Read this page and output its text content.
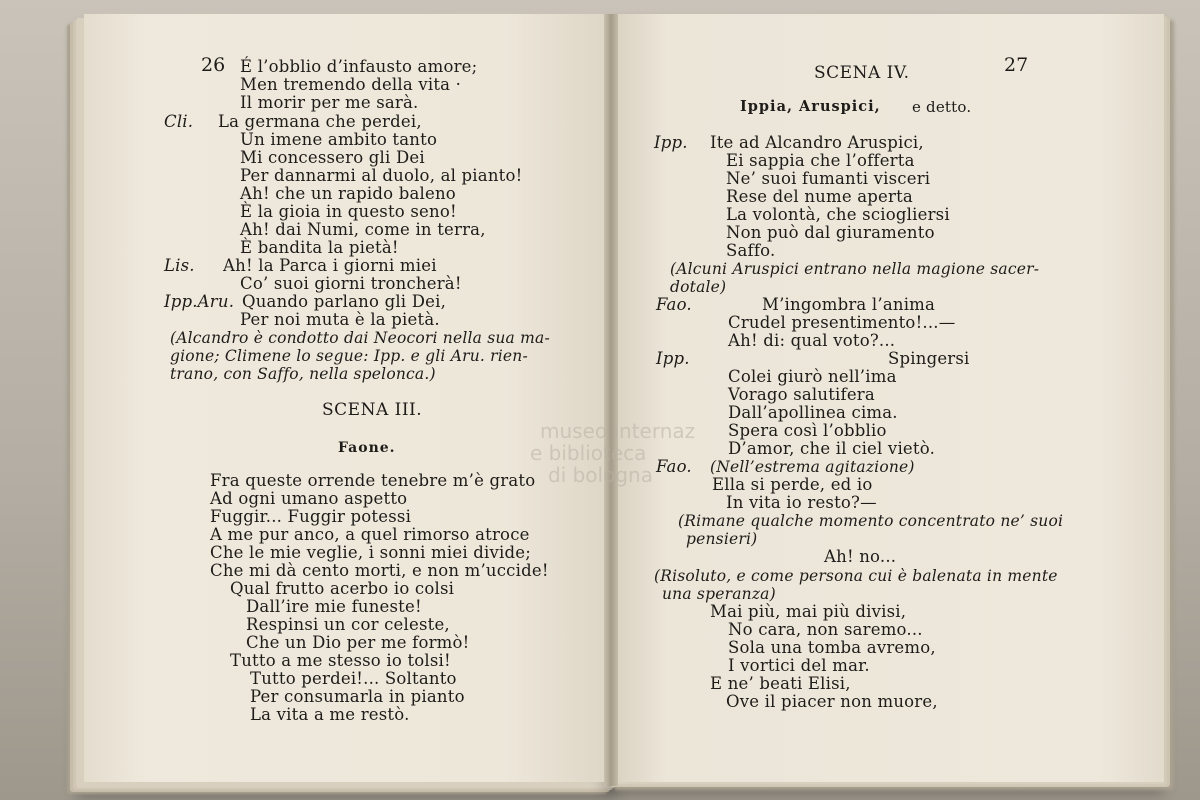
26 É l’obblio d’infausto amore;
Men tremendo della vita ·
Il morir per me sarà.
Cli. La germana che perdei,
Un imene ambito tanto
Mi concessero gli Dei
Per dannarmi al duolo, al pianto!
Ah! che un rapido baleno
È la gioia in questo seno!
Ah! dai Numi, come in terra,
È bandita la pietà!
Lis. Ah! la Parca i giorni miei
Co’ suoi giorni troncherà!
Ipp.Aru. Quando parlano gli Dei,
Per noi muta è la pietà.
(Alcandro è condotto dai Neocori nella sua ma-
gione; Climene lo segue: Ipp. e gli Aru. rien-
trano, con Saffo, nella spelonca.)
SCENA III.
Faone.
Fra queste orrende tenebre m’è grato
Ad ogni umano aspetto
Fuggir... Fuggir potessi
A me pur anco, a quel rimorso atroce
Che le mie veglie, i sonni miei divide;
Che mi dà cento morti, e non m’uccide!
Qual frutto acerbo io colsi
Dall’ire mie funeste!
Respinsi un cor celeste,
Che un Dio per me formò!
Tutto a me stesso io tolsi!
Tutto perdei!... Soltanto
Per consumarla in pianto
La vita a me restò.
27
SCENA IV.
Ippia, Aruspici, e detto.
Ipp. Ite ad Alcandro Aruspici,
Ei sappia che l’offerta
Ne’ suoi fumanti visceri
Rese del nume aperta
La volontà, che sciogliersi
Non può dal giuramento
Saffo.
(Alcuni Aruspici entrano nella magione sacer-
dotale)
Fao.	M’ingombra l’anima
Crudel presentimento!...—
Ah! di: qual voto?...
Ipp.	Spingersi
Colei giurò nell’ima
Vorago salutifera
Dall’apollinea cima.
Spera così l’obblio
D’amor, che il ciel vietò.
Fao. (Nell’estrema agitazione)
Ella si perde, ed io
In vita io resto?—
(Rimane qualche momento concentrato ne’ suoi
pensieri)
Ah! no...
(Risoluto, e come persona cui è balenata in mente
una speranza)
Mai più, mai più divisi,
No cara, non saremo...
Sola una tomba avremo,
I vortici del mar.
E ne’ beati Elisi,
Ove il piacer non muore,
museo internaz
e biblioteca
di bologna
